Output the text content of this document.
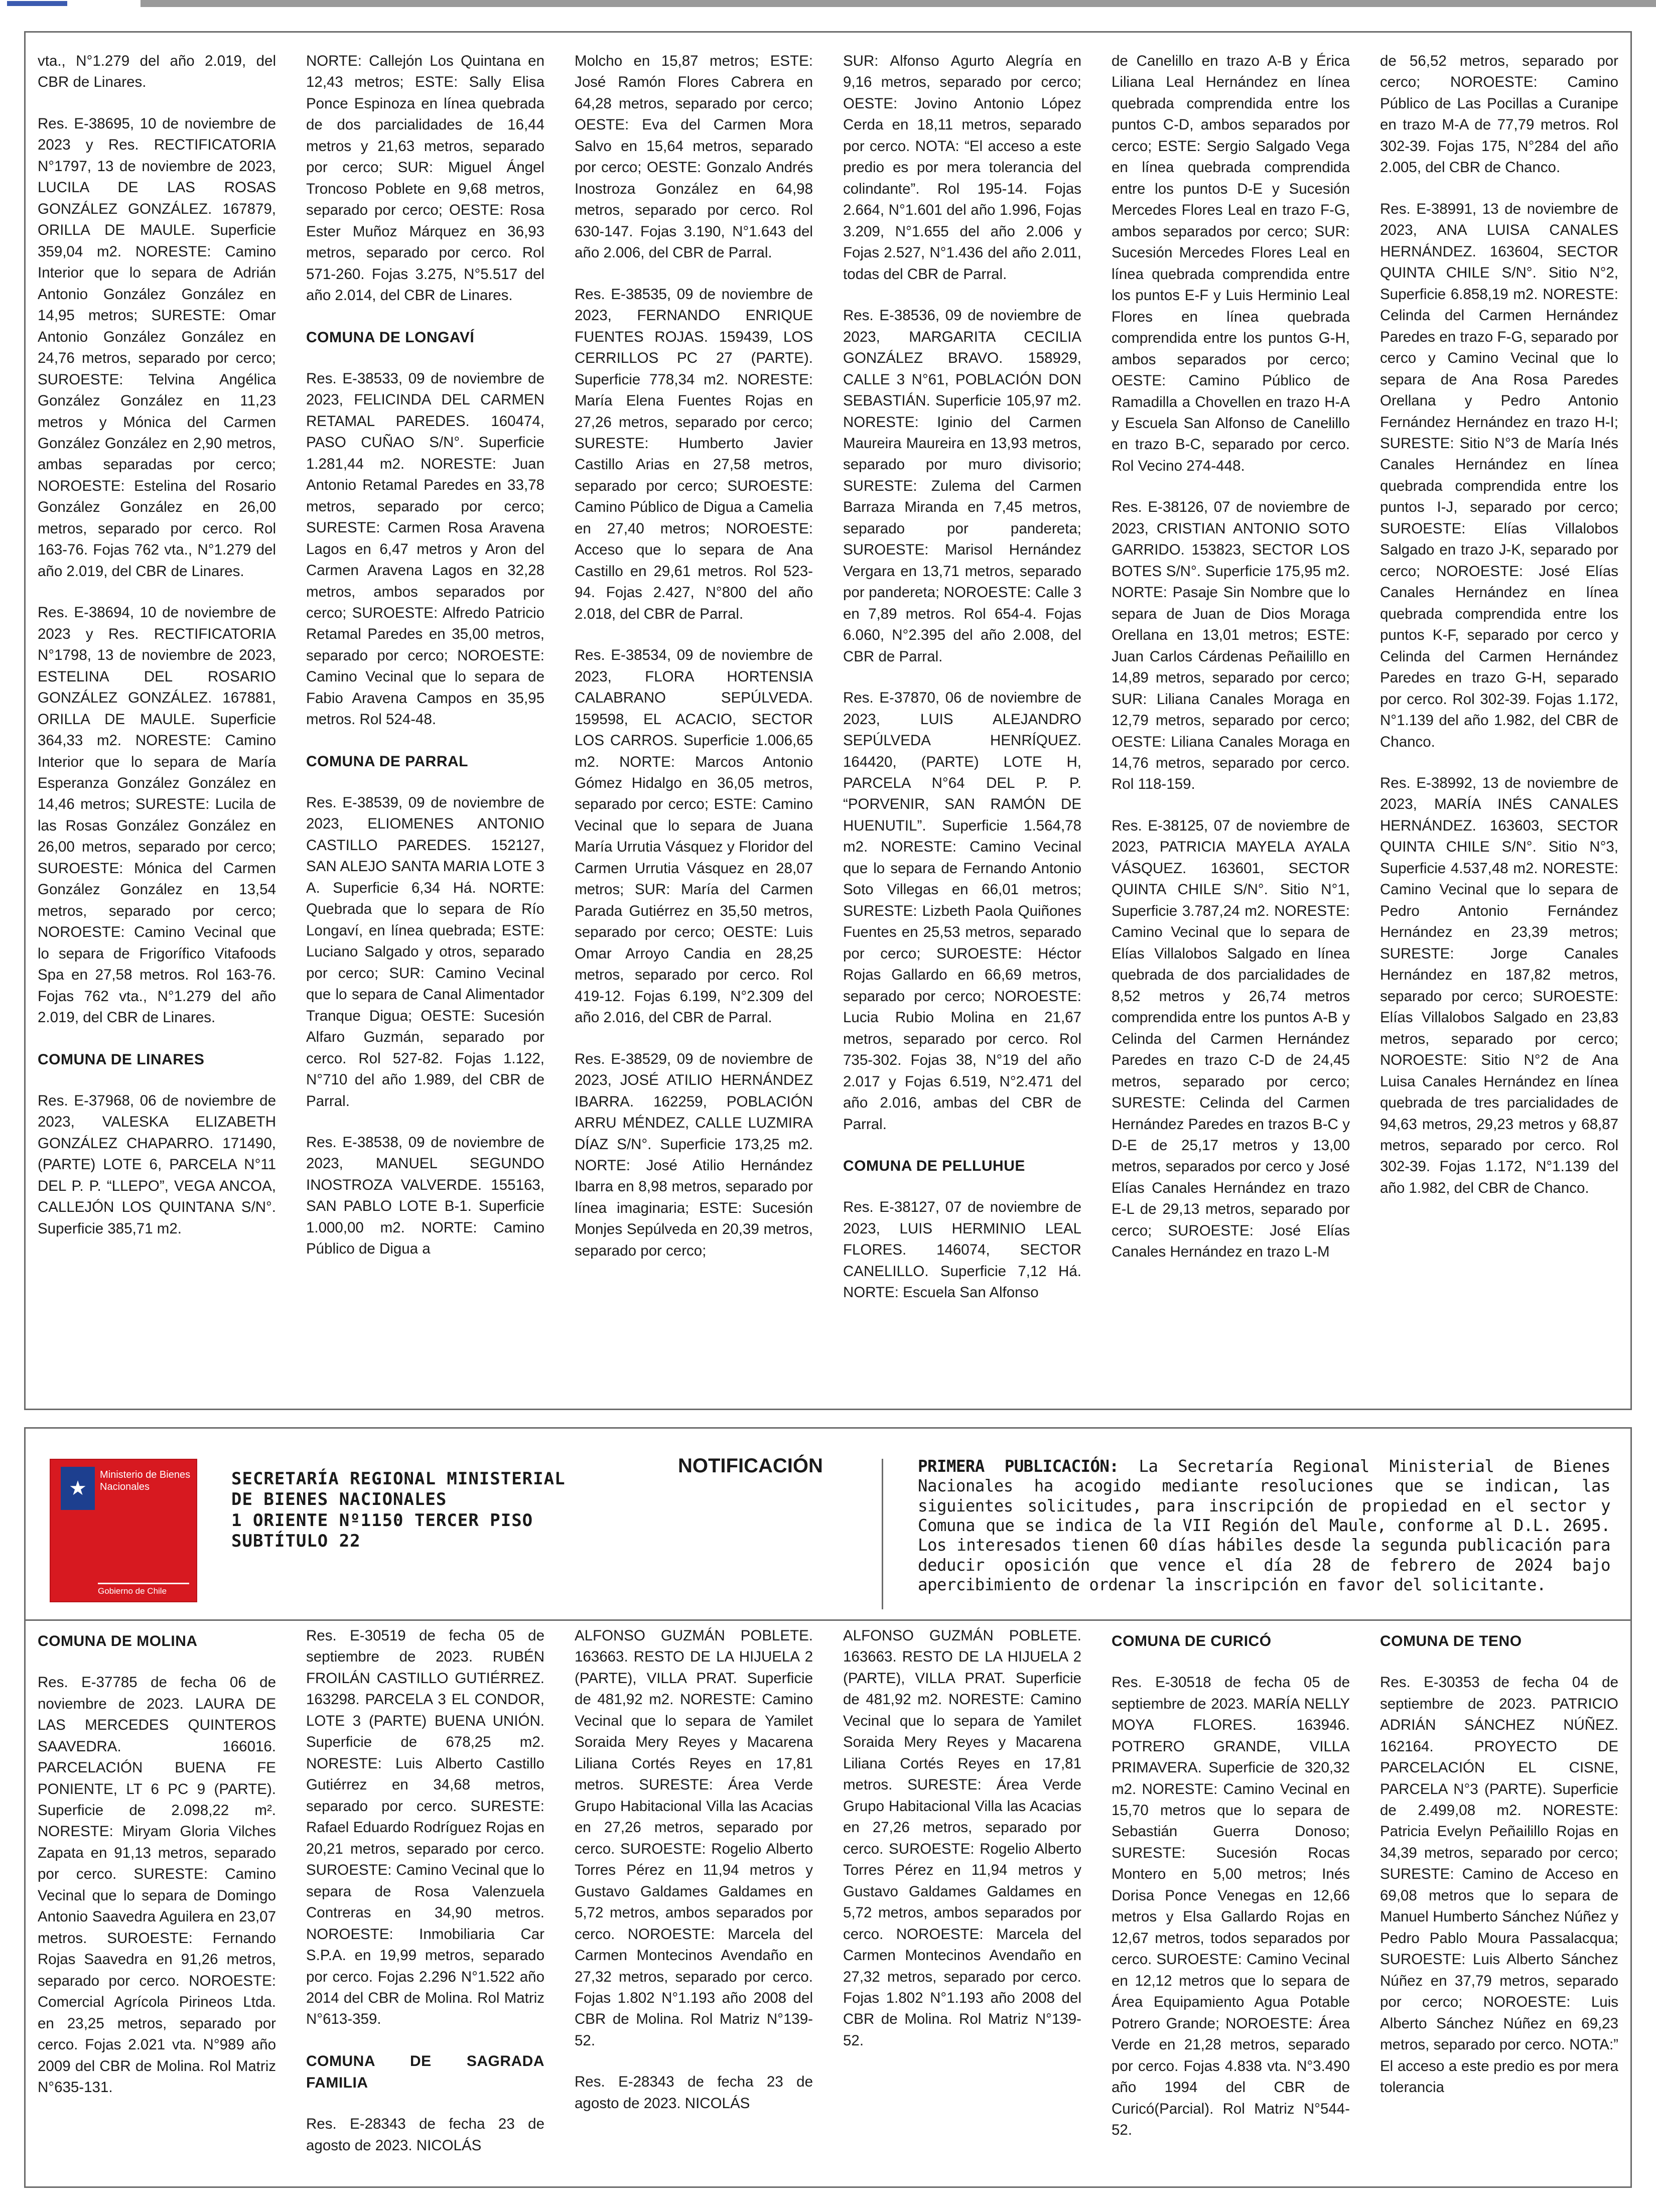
vta., N°1.279 del año 2.019, del CBR de Linares.

Res. E-38695, 10 de noviembre de 2023 y Res. RECTIFICATORIA N°1797, 13 de noviembre de 2023, LUCILA DE LAS ROSAS GONZÁLEZ GONZÁLEZ. 167879, ORILLA DE MAULE. Superficie 359,04 m2. NORESTE: Camino Interior que lo separa de Adrián Antonio González González en 14,95 metros; SURESTE: Omar Antonio González González en 24,76 metros, separado por cerco; SUROESTE: Telvina Angélica González González en 11,23 metros y Mónica del Carmen González González en 2,90 metros, ambas separadas por cerco; NOROESTE: Estelina del Rosario González González en 26,00 metros, separado por cerco. Rol 163-76. Fojas 762 vta., N°1.279 del año 2.019, del CBR de Linares.

Res. E-38694, 10 de noviembre de 2023 y Res. RECTIFICATORIA N°1798, 13 de noviembre de 2023, ESTELINA DEL ROSARIO GONZÁLEZ GONZÁLEZ. 167881, ORILLA DE MAULE. Superficie 364,33 m2. NORESTE: Camino Interior que lo separa de María Esperanza González González en 14,46 metros; SURESTE: Lucila de las Rosas González González en 26,00 metros, separado por cerco; SUROESTE: Mónica del Carmen González González en 13,54 metros, separado por cerco; NOROESTE: Camino Vecinal que lo separa de Frigorífico Vitafoods Spa en 27,58 metros. Rol 163-76. Fojas 762 vta., N°1.279 del año 2.019, del CBR de Linares.

COMUNA DE LINARES

Res. E-37968, 06 de noviembre de 2023, VALESKA ELIZABETH GONZÁLEZ CHAPARRO. 171490, (PARTE) LOTE 6, PARCELA N°11 DEL P. P. “LLEPO”, VEGA ANCOA, CALLEJÓN LOS QUINTANA S/N°. Superficie 385,71 m2.

NORTE: Callejón Los Quintana en 12,43 metros; ESTE: Sally Elisa Ponce Espinoza en línea quebrada de dos parcialidades de 16,44 metros y 21,63 metros, separado por cerco; SUR: Miguel Ángel Troncoso Poblete en 9,68 metros, separado por cerco; OESTE: Rosa Ester Muñoz Márquez en 36,93 metros, separado por cerco. Rol 571-260. Fojas 3.275, N°5.517 del año 2.014, del CBR de Linares.

COMUNA DE LONGAVÍ

Res. E-38533, 09 de noviembre de 2023, FELICINDA DEL CARMEN RETAMAL PAREDES. 160474, PASO CUÑAO S/N°. Superficie 1.281,44 m2. NORESTE: Juan Antonio Retamal Paredes en 33,78 metros, separado por cerco; SURESTE: Carmen Rosa Aravena Lagos en 6,47 metros y Aron del Carmen Aravena Lagos en 32,28 metros, ambos separados por cerco; SUROESTE: Alfredo Patricio Retamal Paredes en 35,00 metros, separado por cerco; NOROESTE: Camino Vecinal que lo separa de Fabio Aravena Campos en 35,95 metros. Rol 524-48.

COMUNA DE PARRAL

Res. E-38539, 09 de noviembre de 2023, ELIOMENES ANTONIO CASTILLO PAREDES. 152127, SAN ALEJO SANTA MARIA LOTE 3 A. Superficie 6,34 Há. NORTE: Quebrada que lo separa de Río Longaví, en línea quebrada; ESTE: Luciano Salgado y otros, separado por cerco; SUR: Camino Vecinal que lo separa de Canal Alimentador Tranque Digua; OESTE: Sucesión Alfaro Guzmán, separado por cerco. Rol 527-82. Fojas 1.122, N°710 del año 1.989, del CBR de Parral.

Res. E-38538, 09 de noviembre de 2023, MANUEL SEGUNDO INOSTROZA VALVERDE. 155163, SAN PABLO LOTE B-1. Superficie 1.000,00 m2. NORTE: Camino Público de Digua a

Molcho en 15,87 metros; ESTE: José Ramón Flores Cabrera en 64,28 metros, separado por cerco; OESTE: Eva del Carmen Mora Salvo en 15,64 metros, separado por cerco; OESTE: Gonzalo Andrés Inostroza González en 64,98 metros, separado por cerco. Rol 630-147. Fojas 3.190, N°1.643 del año 2.006, del CBR de Parral.

Res. E-38535, 09 de noviembre de 2023, FERNANDO ENRIQUE FUENTES ROJAS. 159439, LOS CERRILLOS PC 27 (PARTE). Superficie 778,34 m2. NORESTE: María Elena Fuentes Rojas en 27,26 metros, separado por cerco; SURESTE: Humberto Javier Castillo Arias en 27,58 metros, separado por cerco; SUROESTE: Camino Público de Digua a Camelia en 27,40 metros; NOROESTE: Acceso que lo separa de Ana Castillo en 29,61 metros. Rol 523-94. Fojas 2.427, N°800 del año 2.018, del CBR de Parral.

Res. E-38534, 09 de noviembre de 2023, FLORA HORTENSIA CALABRANO SEPÚLVEDA. 159598, EL ACACIO, SECTOR LOS CARROS. Superficie 1.006,65 m2. NORTE: Marcos Antonio Gómez Hidalgo en 36,05 metros, separado por cerco; ESTE: Camino Vecinal que lo separa de Juana María Urrutia Vásquez y Floridor del Carmen Urrutia Vásquez en 28,07 metros; SUR: María del Carmen Parada Gutiérrez en 35,50 metros, separado por cerco; OESTE: Luis Omar Arroyo Candia en 28,25 metros, separado por cerco. Rol 419-12. Fojas 6.199, N°2.309 del año 2.016, del CBR de Parral.

Res. E-38529, 09 de noviembre de 2023, JOSÉ ATILIO HERNÁNDEZ IBARRA. 162259, POBLACIÓN ARRU MÉNDEZ, CALLE LUZMIRA DÍAZ S/N°. Superficie 173,25 m2. NORTE: José Atilio Hernández Ibarra en 8,98 metros, separado por línea imaginaria; ESTE: Sucesión Monjes Sepúlveda en 20,39 metros, separado por cerco;

SUR: Alfonso Agurto Alegría en 9,16 metros, separado por cerco; OESTE: Jovino Antonio López Cerda en 18,11 metros, separado por cerco. NOTA: “El acceso a este predio es por mera tolerancia del colindante”. Rol 195-14. Fojas 2.664, N°1.601 del año 1.996, Fojas 3.209, N°1.655 del año 2.006 y Fojas 2.527, N°1.436 del año 2.011, todas del CBR de Parral.

Res. E-38536, 09 de noviembre de 2023, MARGARITA CECILIA GONZÁLEZ BRAVO. 158929, CALLE 3 N°61, POBLACIÓN DON SEBASTIÁN. Superficie 105,97 m2. NORESTE: Iginio del Carmen Maureira Maureira en 13,93 metros, separado por muro divisorio; SURESTE: Zulema del Carmen Barraza Miranda en 7,45 metros, separado por pandereta; SUROESTE: Marisol Hernández Vergara en 13,71 metros, separado por pandereta; NOROESTE: Calle 3 en 7,89 metros. Rol 654-4. Fojas 6.060, N°2.395 del año 2.008, del CBR de Parral.

Res. E-37870, 06 de noviembre de 2023, LUIS ALEJANDRO SEPÚLVEDA HENRÍQUEZ. 164420, (PARTE) LOTE H, PARCELA N°64 DEL P. P. “PORVENIR, SAN RAMÓN DE HUENUTIL”. Superficie 1.564,78 m2. NORESTE: Camino Vecinal que lo separa de Fernando Antonio Soto Villegas en 66,01 metros; SURESTE: Lizbeth Paola Quiñones Fuentes en 25,53 metros, separado por cerco; SUROESTE: Héctor Rojas Gallardo en 66,69 metros, separado por cerco; NOROESTE: Lucia Rubio Molina en 21,67 metros, separado por cerco. Rol 735-302. Fojas 38, N°19 del año 2.017 y Fojas 6.519, N°2.471 del año 2.016, ambas del CBR de Parral.

COMUNA DE PELLUHUE

Res. E-38127, 07 de noviembre de 2023, LUIS HERMINIO LEAL FLORES. 146074, SECTOR CANELILLO. Superficie 7,12 Há. NORTE: Escuela San Alfonso

de Canelillo en trazo A-B y Érica Liliana Leal Hernández en línea quebrada comprendida entre los puntos C-D, ambos separados por cerco; ESTE: Sergio Salgado Vega en línea quebrada comprendida entre los puntos D-E y Sucesión Mercedes Flores Leal en trazo F-G, ambos separados por cerco; SUR: Sucesión Mercedes Flores Leal en línea quebrada comprendida entre los puntos E-F y Luis Herminio Leal Flores en línea quebrada comprendida entre los puntos G-H, ambos separados por cerco; OESTE: Camino Público de Ramadilla a Chovellen en trazo H-A y Escuela San Alfonso de Canelillo en trazo B-C, separado por cerco. Rol Vecino 274-448.

Res. E-38126, 07 de noviembre de 2023, CRISTIAN ANTONIO SOTO GARRIDO. 153823, SECTOR LOS BOTES S/N°. Superficie 175,95 m2. NORTE: Pasaje Sin Nombre que lo separa de Juan de Dios Moraga Orellana en 13,01 metros; ESTE: Juan Carlos Cárdenas Peñailillo en 14,89 metros, separado por cerco; SUR: Liliana Canales Moraga en 12,79 metros, separado por cerco; OESTE: Liliana Canales Moraga en 14,76 metros, separado por cerco. Rol 118-159.

Res. E-38125, 07 de noviembre de 2023, PATRICIA MAYELA AYALA VÁSQUEZ. 163601, SECTOR QUINTA CHILE S/N°. Sitio N°1, Superficie 3.787,24 m2. NORESTE: Camino Vecinal que lo separa de Elías Villalobos Salgado en línea quebrada de dos parcialidades de 8,52 metros y 26,74 metros comprendida entre los puntos A-B y Celinda del Carmen Hernández Paredes en trazo C-D de 24,45 metros, separado por cerco; SURESTE: Celinda del Carmen Hernández Paredes en trazos B-C y D-E de 25,17 metros y 13,00 metros, separados por cerco y José Elías Canales Hernández en trazo E-L de 29,13 metros, separado por cerco; SUROESTE: José Elías Canales Hernández en trazo L-M

de 56,52 metros, separado por cerco; NOROESTE: Camino Público de Las Pocillas a Curanipe en trazo M-A de 77,79 metros. Rol 302-39. Fojas 175, N°284 del año 2.005, del CBR de Chanco.

Res. E-38991, 13 de noviembre de 2023, ANA LUISA CANALES HERNÁNDEZ. 163604, SECTOR QUINTA CHILE S/N°. Sitio N°2, Superficie 6.858,19 m2. NORESTE: Celinda del Carmen Hernández Paredes en trazo F-G, separado por cerco y Camino Vecinal que lo separa de Ana Rosa Paredes Orellana y Pedro Antonio Fernández Hernández en trazo H-I; SURESTE: Sitio N°3 de María Inés Canales Hernández en línea quebrada comprendida entre los puntos I-J, separado por cerco; SUROESTE: Elías Villalobos Salgado en trazo J-K, separado por cerco; NOROESTE: José Elías Canales Hernández en línea quebrada comprendida entre los puntos K-F, separado por cerco y Celinda del Carmen Hernández Paredes en trazo G-H, separado por cerco. Rol 302-39. Fojas 1.172, N°1.139 del año 1.982, del CBR de Chanco.

Res. E-38992, 13 de noviembre de 2023, MARÍA INÉS CANALES HERNÁNDEZ. 163603, SECTOR QUINTA CHILE S/N°. Sitio N°3, Superficie 4.537,48 m2. NORESTE: Camino Vecinal que lo separa de Pedro Antonio Fernández Hernández en 23,39 metros; SURESTE: Jorge Canales Hernández en 187,82 metros, separado por cerco; SUROESTE: Elías Villalobos Salgado en 23,83 metros, separado por cerco; NOROESTE: Sitio N°2 de Ana Luisa Canales Hernández en línea quebrada de tres parcialidades de 94,63 metros, 29,23 metros y 68,87 metros, separado por cerco. Rol 302-39. Fojas 1.172, N°1.139 del año 1.982, del CBR de Chanco.

★
Ministerio de Bienes Nacionales
Gobierno de Chile
SECRETARÍA REGIONAL MINISTERIAL
DE BIENES NACIONALES
1 ORIENTE Nº1150 TERCER PISO
SUBTÍTULO 22
NOTIFICACIÓN	PRIMERA PUBLICACIÓN: La Secretaría Regional Ministerial de Bienes Nacionales ha acogido mediante resoluciones que se indican, las siguientes solicitudes, para inscripción de propiedad en el sector y Comuna que se indica de la VII Región del Maule, conforme al D.L. 2695. Los interesados tienen 60 días hábiles desde la segunda publicación para deducir oposición que vence el día 28 de febrero de 2024 bajo apercibimiento de ordenar la inscripción en favor del solicitante.
COMUNA DE MOLINA

Res. E-37785 de fecha 06 de noviembre de 2023. LAURA DE LAS MERCEDES QUINTEROS SAAVEDRA. 166016. PARCELACIÓN BUENA FE PONIENTE, LT 6 PC 9 (PARTE). Superficie de 2.098,22 m². NORESTE: Miryam Gloria Vilches Zapata en 91,13 metros, separado por cerco. SURESTE: Camino Vecinal que lo separa de Domingo Antonio Saavedra Aguilera en 23,07 metros. SUROESTE: Fernando Rojas Saavedra en 91,26 metros, separado por cerco. NOROESTE: Comercial Agrícola Pirineos Ltda. en 23,25 metros, separado por cerco. Fojas 2.021 vta. N°989 año 2009 del CBR de Molina. Rol Matriz N°635-131.

Res. E-30519 de fecha 05 de septiembre de 2023. RUBÉN FROILÁN CASTILLO GUTIÉRREZ. 163298. PARCELA 3 EL CONDOR, LOTE 3 (PARTE) BUENA UNIÓN. Superficie de 678,25 m2. NORESTE: Luis Alberto Castillo Gutiérrez en 34,68 metros, separado por cerco. SURESTE: Rafael Eduardo Rodríguez Rojas en 20,21 metros, separado por cerco. SUROESTE: Camino Vecinal que lo separa de Rosa Valenzuela Contreras en 34,90 metros. NOROESTE: Inmobiliaria Car S.P.A. en 19,99 metros, separado por cerco. Fojas 2.296 N°1.522 año 2014 del CBR de Molina. Rol Matriz N°613-359.

COMUNA DE SAGRADA FAMILIA

Res. E-28343 de fecha 23 de agosto de 2023. NICOLÁS

ALFONSO GUZMÁN POBLETE. 163663. RESTO DE LA HIJUELA 2 (PARTE), VILLA PRAT. Superficie de 481,92 m2. NORESTE: Camino Vecinal que lo separa de Yamilet Soraida Mery Reyes y Macarena Liliana Cortés Reyes en 17,81 metros. SURESTE: Área Verde Grupo Habitacional Villa las Acacias en 27,26 metros, separado por cerco. SUROESTE: Rogelio Alberto Torres Pérez en 11,94 metros y Gustavo Galdames Galdames en 5,72 metros, ambos separados por cerco. NOROESTE: Marcela del Carmen Montecinos Avendaño en 27,32 metros, separado por cerco. Fojas 1.802 N°1.193 año 2008 del CBR de Molina. Rol Matriz N°139-52.

Res. E-28343 de fecha 23 de agosto de 2023. NICOLÁS

ALFONSO GUZMÁN POBLETE. 163663. RESTO DE LA HIJUELA 2 (PARTE), VILLA PRAT. Superficie de 481,92 m2. NORESTE: Camino Vecinal que lo separa de Yamilet Soraida Mery Reyes y Macarena Liliana Cortés Reyes en 17,81 metros. SURESTE: Área Verde Grupo Habitacional Villa las Acacias en 27,26 metros, separado por cerco. SUROESTE: Rogelio Alberto Torres Pérez en 11,94 metros y Gustavo Galdames Galdames en 5,72 metros, ambos separados por cerco. NOROESTE: Marcela del Carmen Montecinos Avendaño en 27,32 metros, separado por cerco. Fojas 1.802 N°1.193 año 2008 del CBR de Molina. Rol Matriz N°139-52.

COMUNA DE CURICÓ

Res. E-30518 de fecha 05 de septiembre de 2023. MARÍA NELLY MOYA FLORES. 163946. POTRERO GRANDE, VILLA PRIMAVERA. Superficie de 320,32 m2. NORESTE: Camino Vecinal en 15,70 metros que lo separa de Sebastián Guerra Donoso; SURESTE: Sucesión Rocas Montero en 5,00 metros; Inés Dorisa Ponce Venegas en 12,66 metros y Elsa Gallardo Rojas en 12,67 metros, todos separados por cerco. SUROESTE: Camino Vecinal en 12,12 metros que lo separa de Área Equipamiento Agua Potable Potrero Grande; NOROESTE: Área Verde en 21,28 metros, separado por cerco. Fojas 4.838 vta. N°3.490 año 1994 del CBR de Curicó(Parcial). Rol Matriz N°544-52.

COMUNA DE TENO

Res. E-30353 de fecha 04 de septiembre de 2023. PATRICIO ADRIÁN SÁNCHEZ NÚÑEZ. 162164. PROYECTO DE PARCELACIÓN EL CISNE, PARCELA N°3 (PARTE). Superficie de 2.499,08 m2. NORESTE: Patricia Evelyn Peñailillo Rojas en 34,39 metros, separado por cerco; SURESTE: Camino de Acceso en 69,08 metros que lo separa de Manuel Humberto Sánchez Núñez y Pedro Pablo Moura Passalacqua; SUROESTE: Luis Alberto Sánchez Núñez en 37,79 metros, separado por cerco; NOROESTE: Luis Alberto Sánchez Núñez en 69,23 metros, separado por cerco. NOTA:” El acceso a este predio es por mera tolerancia
